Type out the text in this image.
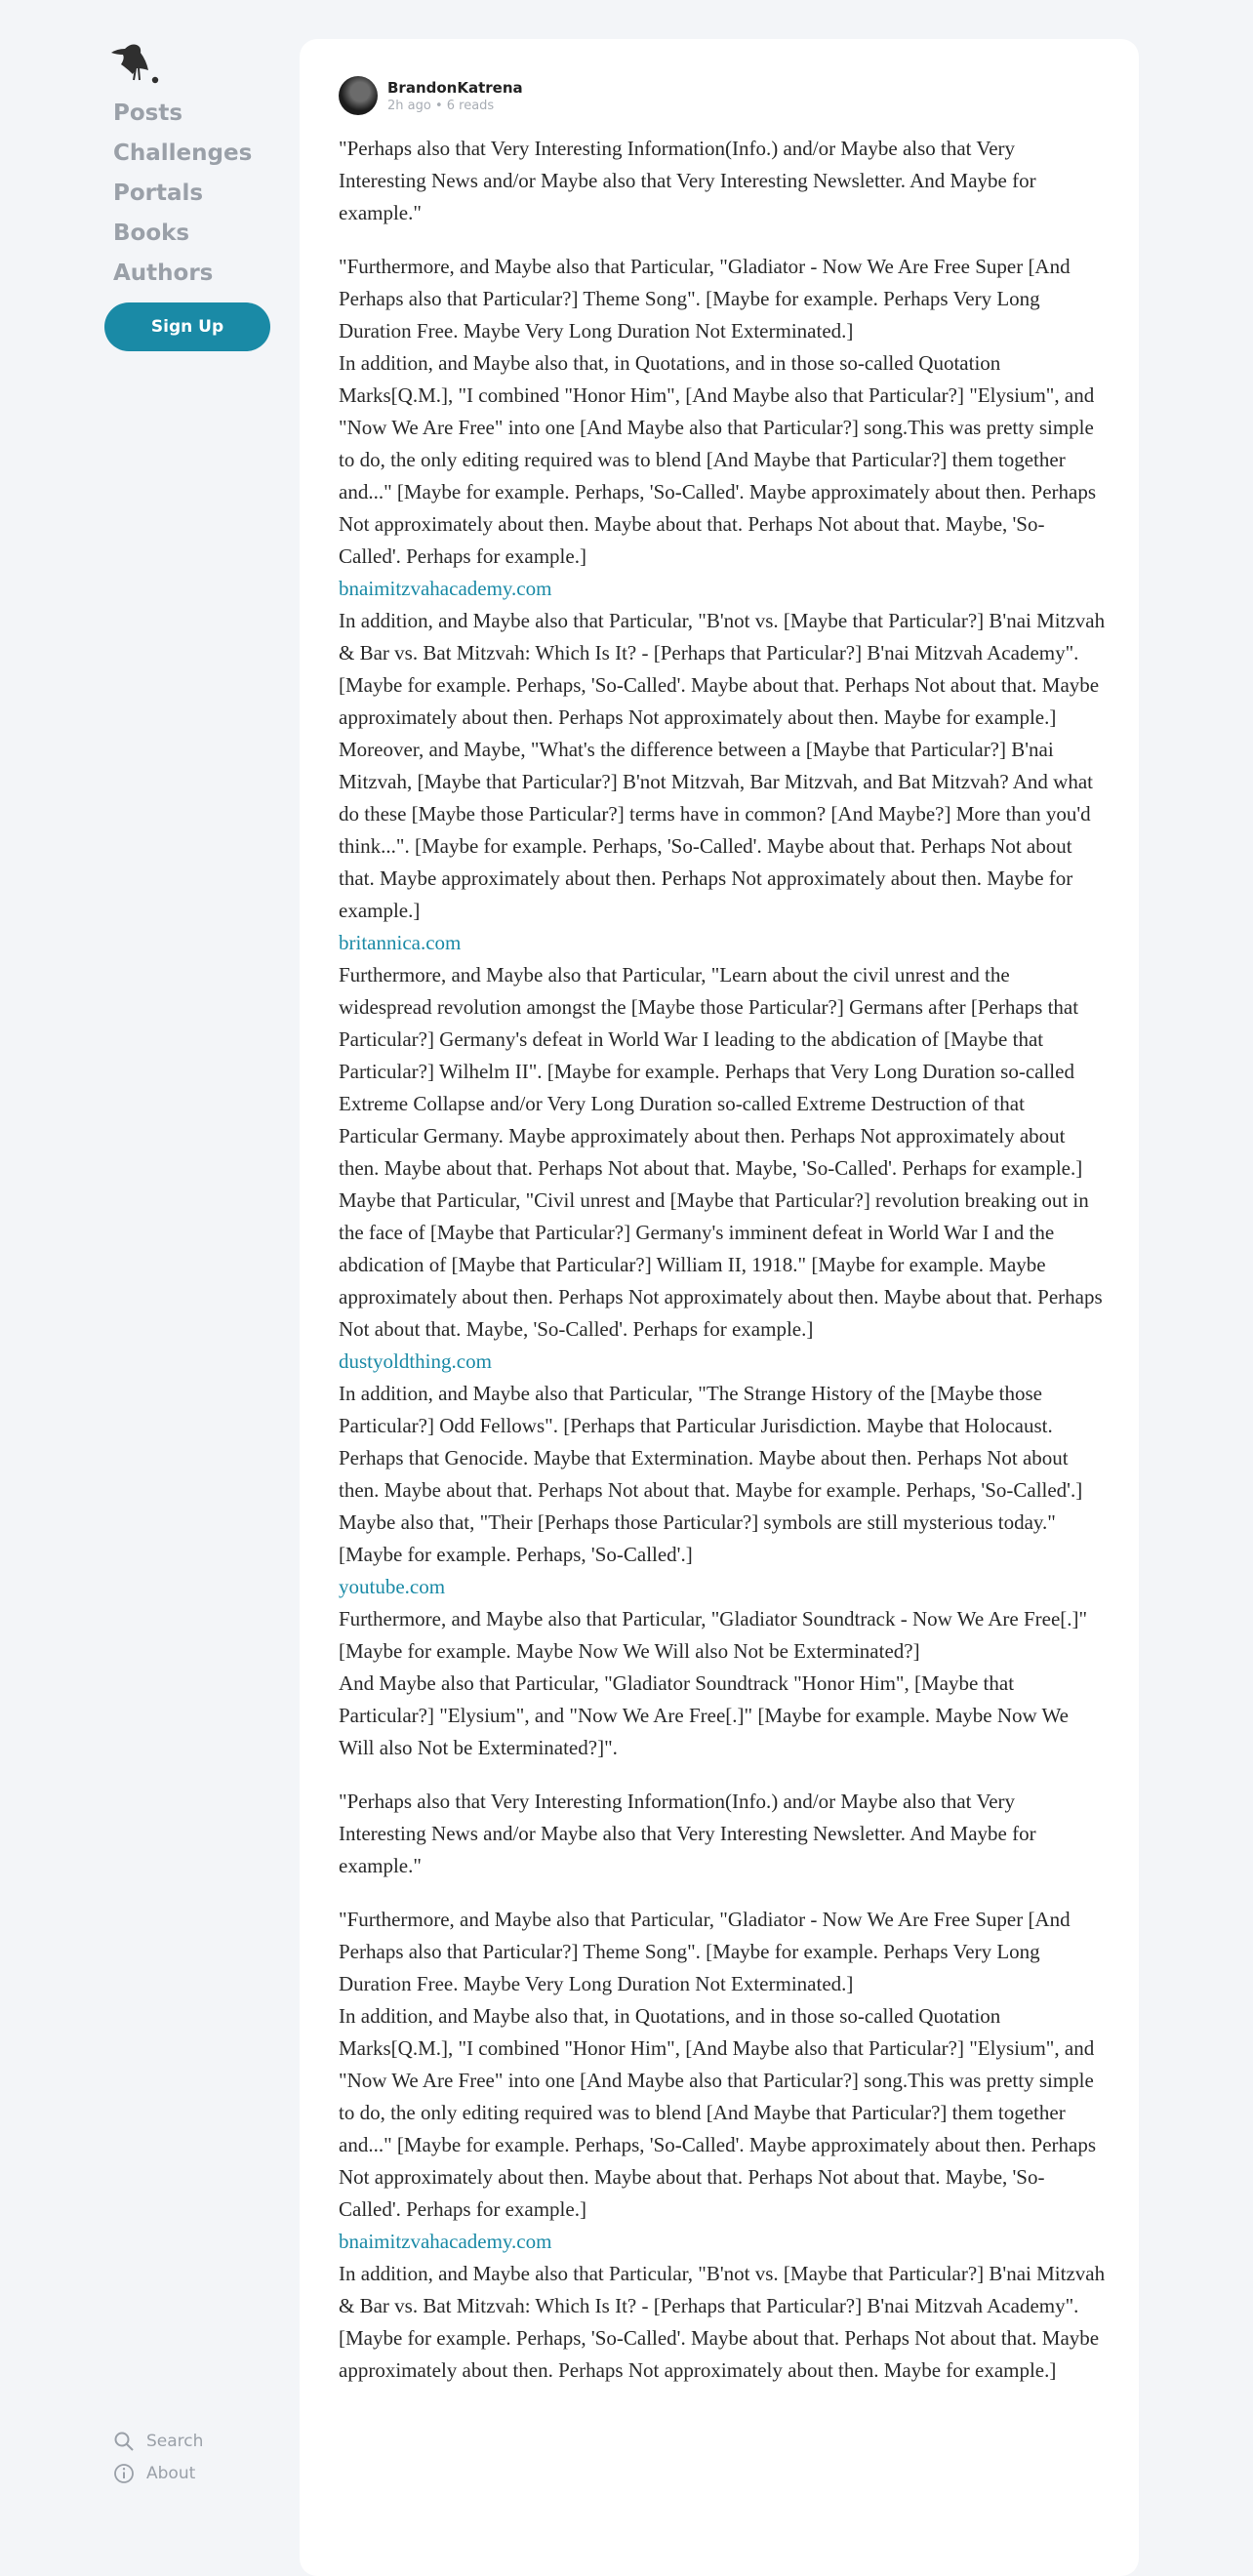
Posts
Challenges
Portals
Books
Authors
Sign Up
Search
About
BrandonKatrena
2h ago • 6 reads

"Perhaps also that Very Interesting Information(Info.) and/or Maybe also that Very Interesting News and/or Maybe also that Very Interesting Newsletter. And Maybe for example."

"Furthermore, and Maybe also that Particular, "Gladiator - Now We Are Free Super [And Perhaps also that Particular?] Theme Song". [Maybe for example. Perhaps Very Long Duration Free. Maybe Very Long Duration Not Exterminated.]

In addition, and Maybe also that, in Quotations, and in those so-called Quotation Marks[Q.M.], "I combined "Honor Him", [And Maybe also that Particular?] "Elysium", and "Now We Are Free" into one [And Maybe also that Particular?] song.This was pretty simple to do, the only editing required was to blend [And Maybe that Particular?] them together and..." [Maybe for example. Perhaps, 'So-Called'. Maybe approximately about then. Perhaps Not approximately about then. Maybe about that. Perhaps Not about that. Maybe, 'So-Called'. Perhaps for example.]

bnaimitzvahacademy.com

In addition, and Maybe also that Particular, "B'not vs. [Maybe that Particular?] B'nai Mitzvah & Bar vs. Bat Mitzvah: Which Is It? - [Perhaps that Particular?] B'nai Mitzvah Academy". [Maybe for example. Perhaps, 'So-Called'. Maybe about that. Perhaps Not about that. Maybe approximately about then. Perhaps Not approximately about then. Maybe for example.]

Moreover, and Maybe, "What's the difference between a [Maybe that Particular?] B'nai Mitzvah, [Maybe that Particular?] B'not Mitzvah, Bar Mitzvah, and Bat Mitzvah? And what do these [Maybe those Particular?] terms have in common? [And Maybe?] More than you'd think...". [Maybe for example. Perhaps, 'So-Called'. Maybe about that. Perhaps Not about that. Maybe approximately about then. Perhaps Not approximately about then. Maybe for example.]

britannica.com

Furthermore, and Maybe also that Particular, "Learn about the civil unrest and the widespread revolution amongst the [Maybe those Particular?] Germans after [Perhaps that Particular?] Germany's defeat in World War I leading to the abdication of [Maybe that Particular?] Wilhelm II". [Maybe for example. Perhaps that Very Long Duration so-called Extreme Collapse and/or Very Long Duration so-called Extreme Destruction of that Particular Germany. Maybe approximately about then. Perhaps Not approximately about then. Maybe about that. Perhaps Not about that. Maybe, 'So-Called'. Perhaps for example.]

Maybe that Particular, "Civil unrest and [Maybe that Particular?] revolution breaking out in the face of [Maybe that Particular?] Germany's imminent defeat in World War I and the abdication of [Maybe that Particular?] William II, 1918." [Maybe for example. Maybe approximately about then. Perhaps Not approximately about then. Maybe about that. Perhaps Not about that. Maybe, 'So-Called'. Perhaps for example.]

dustyoldthing.com

In addition, and Maybe also that Particular, "The Strange History of the [Maybe those Particular?] Odd Fellows". [Perhaps that Particular Jurisdiction. Maybe that Holocaust. Perhaps that Genocide. Maybe that Extermination. Maybe about then. Perhaps Not about then. Maybe about that. Perhaps Not about that. Maybe for example. Perhaps, 'So-Called'.]

Maybe also that, "Their [Perhaps those Particular?] symbols are still mysterious today." [Maybe for example. Perhaps, 'So-Called'.]

youtube.com

Furthermore, and Maybe also that Particular, "Gladiator Soundtrack - Now We Are Free[.]" [Maybe for example. Maybe Now We Will also Not be Exterminated?]

And Maybe also that Particular, "Gladiator Soundtrack "Honor Him", [Maybe that Particular?] "Elysium", and "Now We Are Free[.]" [Maybe for example. Maybe Now We Will also Not be Exterminated?]".

"Perhaps also that Very Interesting Information(Info.) and/or Maybe also that Very Interesting News and/or Maybe also that Very Interesting Newsletter. And Maybe for example."

"Furthermore, and Maybe also that Particular, "Gladiator - Now We Are Free Super [And Perhaps also that Particular?] Theme Song". [Maybe for example. Perhaps Very Long Duration Free. Maybe Very Long Duration Not Exterminated.]

In addition, and Maybe also that, in Quotations, and in those so-called Quotation Marks[Q.M.], "I combined "Honor Him", [And Maybe also that Particular?] "Elysium", and "Now We Are Free" into one [And Maybe also that Particular?] song.This was pretty simple to do, the only editing required was to blend [And Maybe that Particular?] them together and..." [Maybe for example. Perhaps, 'So-Called'. Maybe approximately about then. Perhaps Not approximately about then. Maybe about that. Perhaps Not about that. Maybe, 'So-Called'. Perhaps for example.]

bnaimitzvahacademy.com

In addition, and Maybe also that Particular, "B'not vs. [Maybe that Particular?] B'nai Mitzvah & Bar vs. Bat Mitzvah: Which Is It? - [Perhaps that Particular?] B'nai Mitzvah Academy". [Maybe for example. Perhaps, 'So-Called'. Maybe about that. Perhaps Not about that. Maybe approximately about then. Perhaps Not approximately about then. Maybe for example.]
